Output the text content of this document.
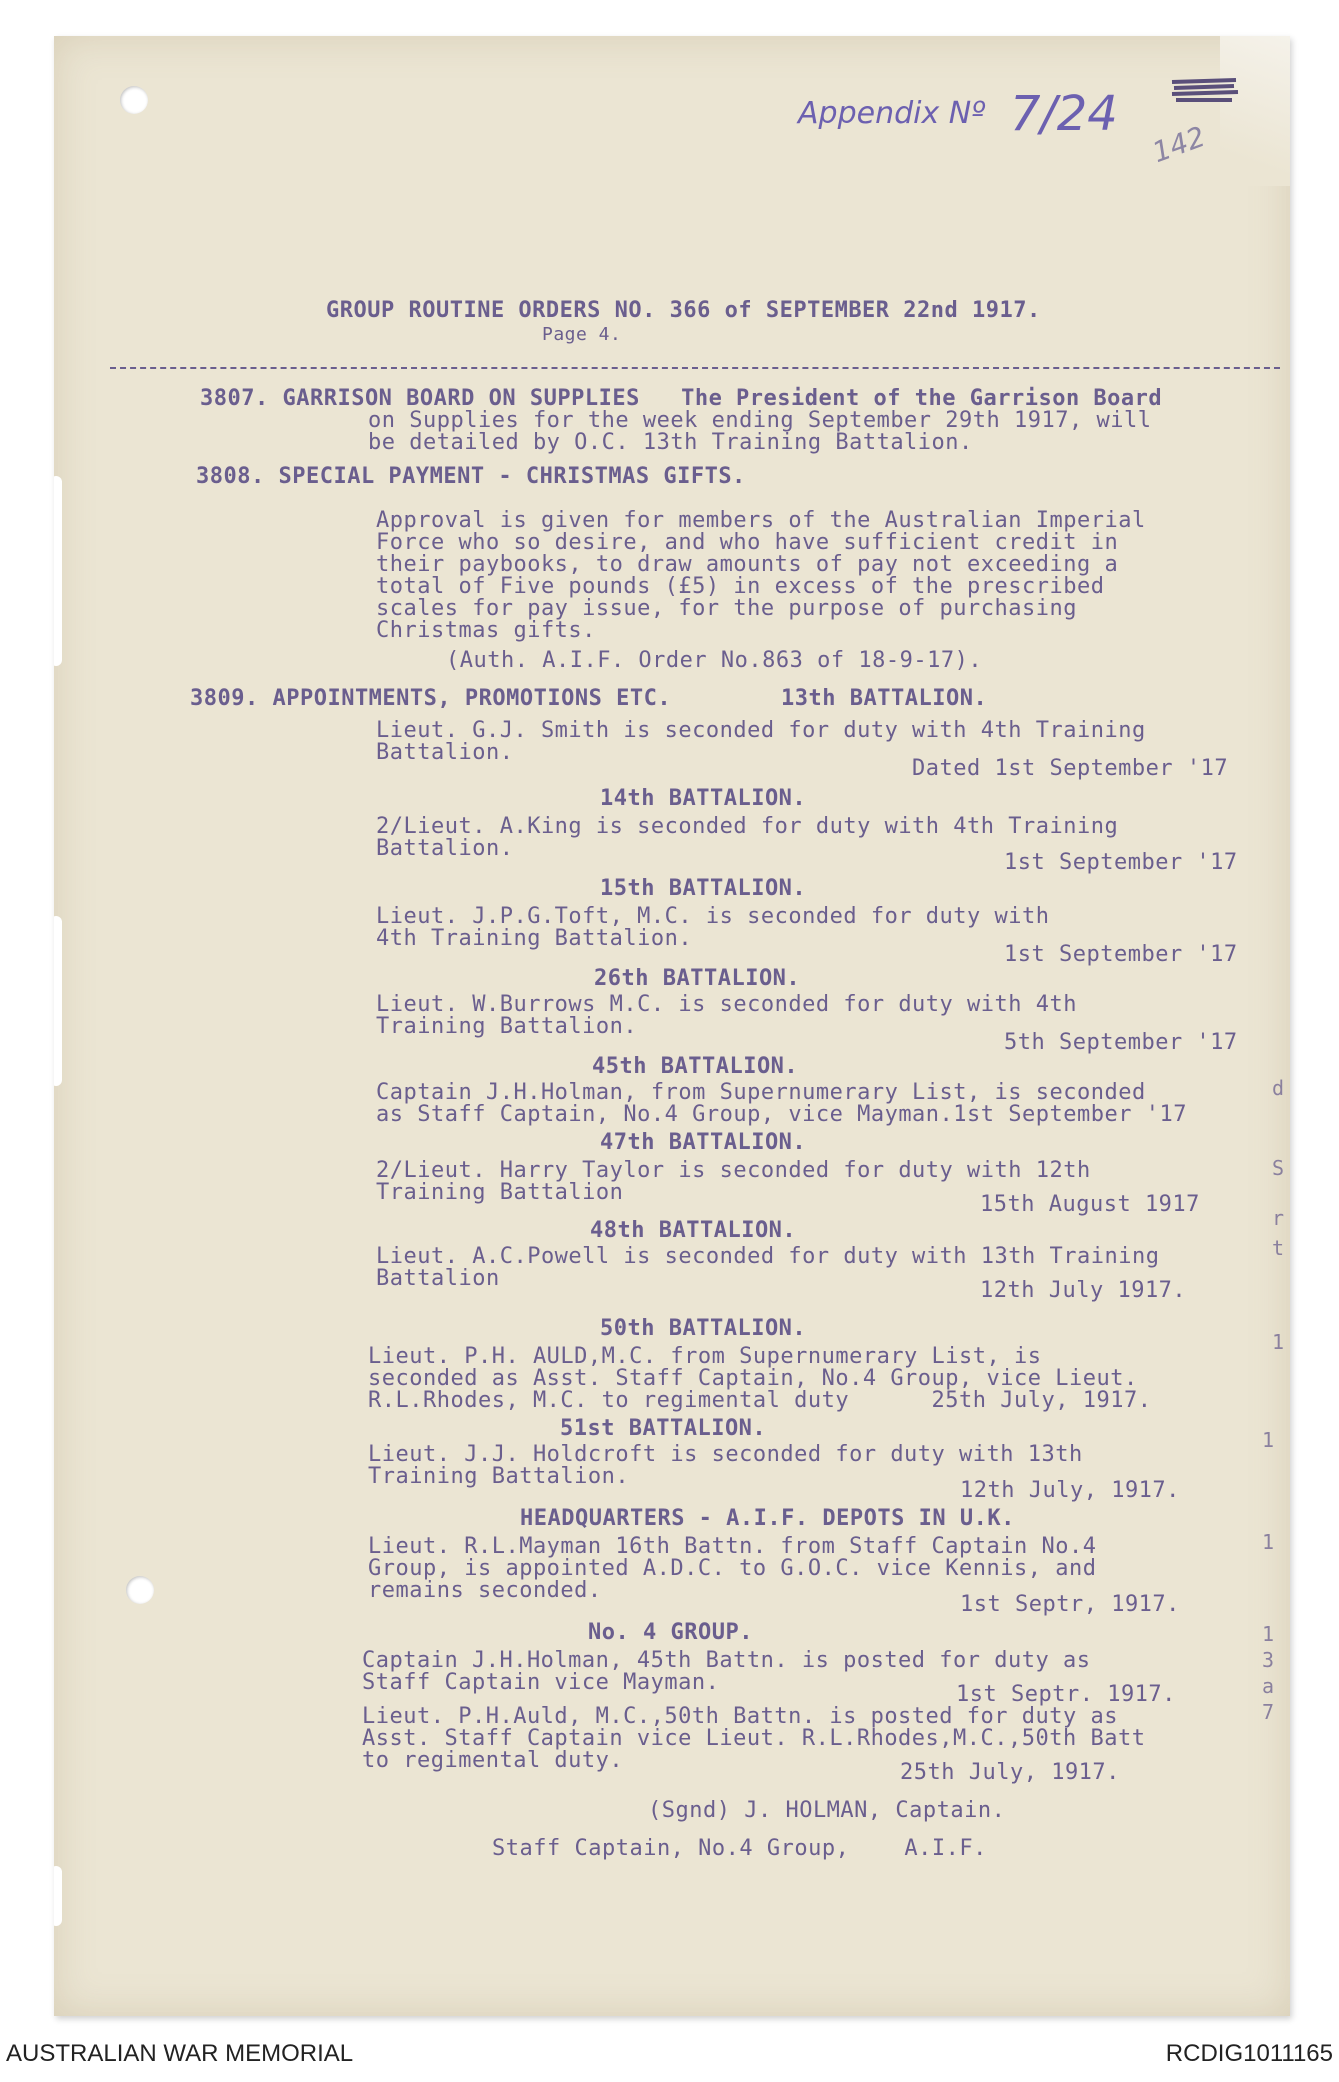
Appendix Nº 7/24
142
GROUP ROUTINE ORDERS NO. 366 of SEPTEMBER 22nd 1917.
Page 4.
3807. GARRISON BOARD ON SUPPLIES   The President of the Garrison Board
on Supplies for the week ending September 29th 1917, will
be detailed by O.C. 13th Training Battalion.
3808. SPECIAL PAYMENT - CHRISTMAS GIFTS.
Approval is given for members of the Australian Imperial
Force who so desire, and who have sufficient credit in
their paybooks, to draw amounts of pay not exceeding a
total of Five pounds (£5) in excess of the prescribed
scales for pay issue, for the purpose of purchasing
Christmas gifts.
(Auth. A.I.F. Order No.863 of 18-9-17).
3809. APPOINTMENTS, PROMOTIONS ETC.        13th BATTALION.
Lieut. G.J. Smith is seconded for duty with 4th Training
Battalion.
Dated 1st September '17
14th BATTALION.
2/Lieut. A.King is seconded for duty with 4th Training
Battalion.
1st September '17
15th BATTALION.
Lieut. J.P.G.Toft, M.C. is seconded for duty with
4th Training Battalion.
1st September '17
26th BATTALION.
Lieut. W.Burrows M.C. is seconded for duty with 4th
Training Battalion.
5th September '17
45th BATTALION.
Captain J.H.Holman, from Supernumerary List, is seconded
as Staff Captain, No.4 Group, vice Mayman.1st September '17
47th BATTALION.
2/Lieut. Harry Taylor is seconded for duty with 12th
Training Battalion	15th August 1917
48th BATTALION.
Lieut. A.C.Powell is seconded for duty with 13th Training
Battalion	12th July 1917.
50th BATTALION.
Lieut. P.H. AULD,M.C. from Supernumerary List, is
seconded as Asst. Staff Captain, No.4 Group, vice Lieut.
R.L.Rhodes, M.C. to regimental duty      25th July, 1917.
51st BATTALION.
Lieut. J.J. Holdcroft is seconded for duty with 13th
Training Battalion.
12th July, 1917.
HEADQUARTERS - A.I.F. DEPOTS IN U.K.
Lieut. R.L.Mayman 16th Battn. from Staff Captain No.4
Group, is appointed A.D.C. to G.O.C. vice Kennis, and
remains seconded.
1st Septr, 1917.
No. 4 GROUP.
Captain J.H.Holman, 45th Battn. is posted for duty as
Staff Captain vice Mayman.	1st Septr. 1917.
Lieut. P.H.Auld, M.C.,50th Battn. is posted for duty as
Asst. Staff Captain vice Lieut. R.L.Rhodes,M.C.,50th Batt
to regimental duty.	25th July, 1917.
(Sgnd) J. HOLMAN, Captain.
Staff Captain, No.4 Group,    A.I.F.
d
S
r
t
1
1
1
1
3
a
7
AUSTRALIAN WAR MEMORIAL	RCDIG1011165
